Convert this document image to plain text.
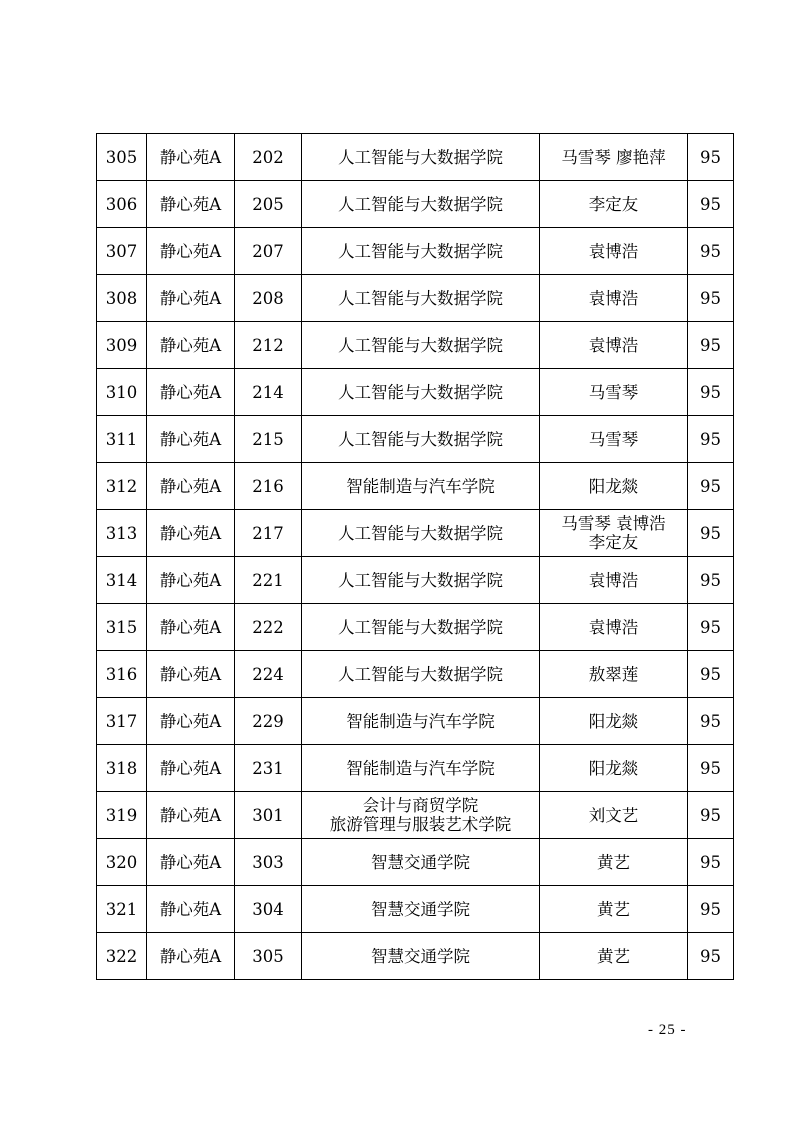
305	静心苑A	202	人工智能与大数据学院	马雪琴 廖艳萍	95
306	静心苑A	205	人工智能与大数据学院	李定友	95
307	静心苑A	207	人工智能与大数据学院	袁博浩	95
308	静心苑A	208	人工智能与大数据学院	袁博浩	95
309	静心苑A	212	人工智能与大数据学院	袁博浩	95
310	静心苑A	214	人工智能与大数据学院	马雪琴	95
311	静心苑A	215	人工智能与大数据学院	马雪琴	95
312	静心苑A	216	智能制造与汽车学院	阳龙燚	95
313	静心苑A	217	人工智能与大数据学院	马雪琴 袁博浩
李定友	95
314	静心苑A	221	人工智能与大数据学院	袁博浩	95
315	静心苑A	222	人工智能与大数据学院	袁博浩	95
316	静心苑A	224	人工智能与大数据学院	敖翠莲	95
317	静心苑A	229	智能制造与汽车学院	阳龙燚	95
318	静心苑A	231	智能制造与汽车学院	阳龙燚	95
319	静心苑A	301	会计与商贸学院
旅游管理与服装艺术学院	刘文艺	95
320	静心苑A	303	智慧交通学院	黄艺	95
321	静心苑A	304	智慧交通学院	黄艺	95
322	静心苑A	305	智慧交通学院	黄艺	95
- 25 -
